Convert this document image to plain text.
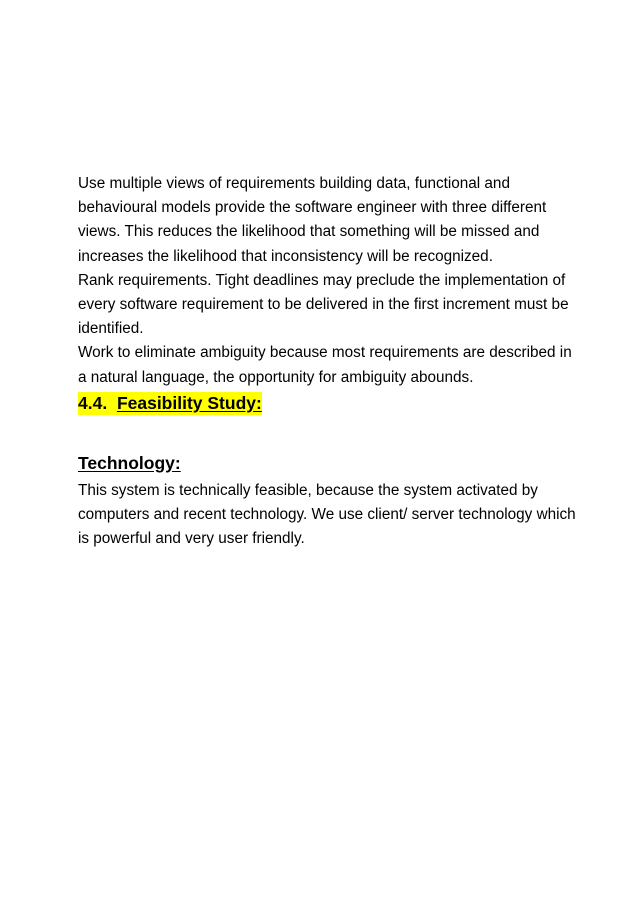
Use multiple views of requirements building data, functional and behavioural models provide the software engineer with three different views. This reduces the likelihood that something will be missed and increases the likelihood that inconsistency will be recognized.

Rank requirements. Tight deadlines may preclude the implementation of every software requirement to be delivered in the first increment must be identified.

Work to eliminate ambiguity because most requirements are described in a natural language, the opportunity for ambiguity abounds.

4.4. Feasibility Study:
Technology:

This system is technically feasible, because the system activated by computers and recent technology. We use client/ server technology which is powerful and very user friendly.
